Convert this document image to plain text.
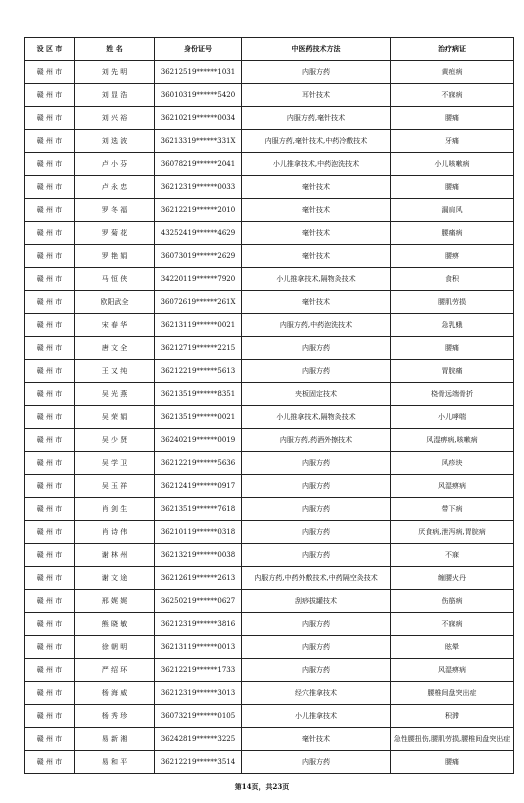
设 区 市	姓 名	身份证号	中医药技术方法	治疗病证
赣 州 市	刘 先 明	36212519******1031	内服方药	黄疸病
赣 州 市	刘 显 浩	36010319******5420	耳针技术	不寐病
赣 州 市	刘 兴 裕	36210219******0034	内服方药,毫针技术	腰痛
赣 州 市	刘 选 波	36213319******331X	内服方药,毫针技术,中药冷敷技术	牙痛
赣 州 市	卢 小 芬	36078219******2041	小儿推拿技术,中药泡洗技术	小儿咳嗽病
赣 州 市	卢 永 忠	36212319******0033	毫针技术	腰痛
赣 州 市	罗 冬 福	36212219******2010	毫针技术	漏肩风
赣 州 市	罗 菊 花	43252419******4629	毫针技术	腰痛病
赣 州 市	罗 艳 娟	36073019******2629	毫针技术	腰痹
赣 州 市	马 恒 侠	34220119******7920	小儿推拿技术,隔物灸技术	食积
赣 州 市	欧阳武全	36072619******261X	毫针技术	腰肌劳损
赣 州 市	宋 春 华	36213119******0021	内服方药,中药泡洗技术	急乳蛾
赣 州 市	唐 文 全	36212719******2215	内服方药	腰痛
赣 州 市	王 又 纯	36212219******5613	内服方药	胃脘痛
赣 州 市	吴 光 燕	36213519******8351	夹板固定技术	桡骨远端骨折
赣 州 市	吴 荣 娟	36213519******0021	小儿推拿技术,隔物灸技术	小儿哮喘
赣 州 市	吴 少 贤	36240219******0019	内服方药,药酒外擦技术	风湿痹病,咳嗽病
赣 州 市	吴 学 卫	36212219******5636	内服方药	风疹块
赣 州 市	吴 玉 祥	36212419******0917	内服方药	风湿痹病
赣 州 市	肖 剑 生	36213519******7618	内服方药	带下病
赣 州 市	肖 诗 伟	36210119******0318	内服方药	厌食病,泄泻病,胃脘病
赣 州 市	谢 林 州	36213219******0038	内服方药	不寐
赣 州 市	谢 文 途	36212619******2613	内服方药,中药外敷技术,中药隔空灸技术	缠腰火丹
赣 州 市	邢 娓 娓	36250219******0627	刮痧拔罐技术	伤筋病
赣 州 市	熊 晓 敏	36212319******3816	内服方药	不寐病
赣 州 市	徐 朝 明	36213119******0013	内服方药	眩晕
赣 州 市	严 绍 环	36212219******1733	内服方药	风湿痹病
赣 州 市	杨 海 威	36212319******3013	经穴推拿技术	腰椎间盘突出症
赣 州 市	杨 秀 珍	36073219******0105	小儿推拿技术	积滞
赣 州 市	易 新 湘	36242819******3225	毫针技术	急性腰扭伤,腰肌劳损,腰椎间盘突出症
赣 州 市	易 和 平	36212219******3514	内服方药	腰痛
第14页，共23页
